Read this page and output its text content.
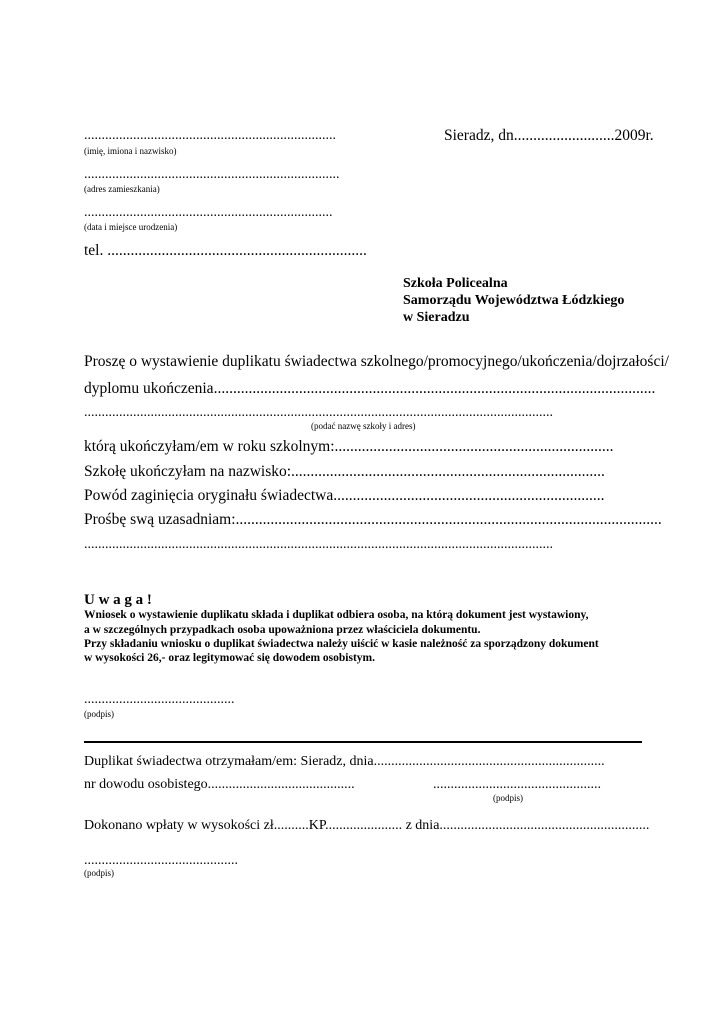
........................................................................
(imię, imiona i nazwisko)
Sieradz, dn..........................2009r.
.........................................................................
(adres zamieszkania)
.......................................................................
(data i miejsce urodzenia)
tel. ...................................................................
Szkoła Policealna
Samorządu Województwa Łódzkiego
w Sieradzu
Proszę o wystawienie duplikatu świadectwa szkolnego/promocyjnego/ukończenia/dojrzałości/
dyplomu ukończenia..................................................................................................................
......................................................................................................................................
(podać nazwę szkoły i adres)
którą ukończyłam/em w roku szkolnym:........................................................................
Szkołę ukończyłam na nazwisko:.................................................................................
Powód zaginięcia oryginału świadectwa......................................................................
Prośbę swą uzasadniam:..............................................................................................................
......................................................................................................................................
U w a g a !
Wniosek o wystawienie duplikatu składa i duplikat odbiera osoba, na którą dokument jest wystawiony,
a w szczególnych przypadkach osoba upoważniona przez właściciela dokumentu.
Przy składaniu wniosku o duplikat świadectwa należy uiścić w kasie należność za sporządzony dokument
w wysokości 26,- oraz legitymować się dowodem osobistym.
...........................................
(podpis)
Duplikat świadectwa otrzymałam/em: Sieradz, dnia..................................................................
nr dowodu osobistego..........................................	................................................
(podpis)
Dokonano wpłaty w wysokości zł..........KP...................... z dnia............................................................
............................................
(podpis)
